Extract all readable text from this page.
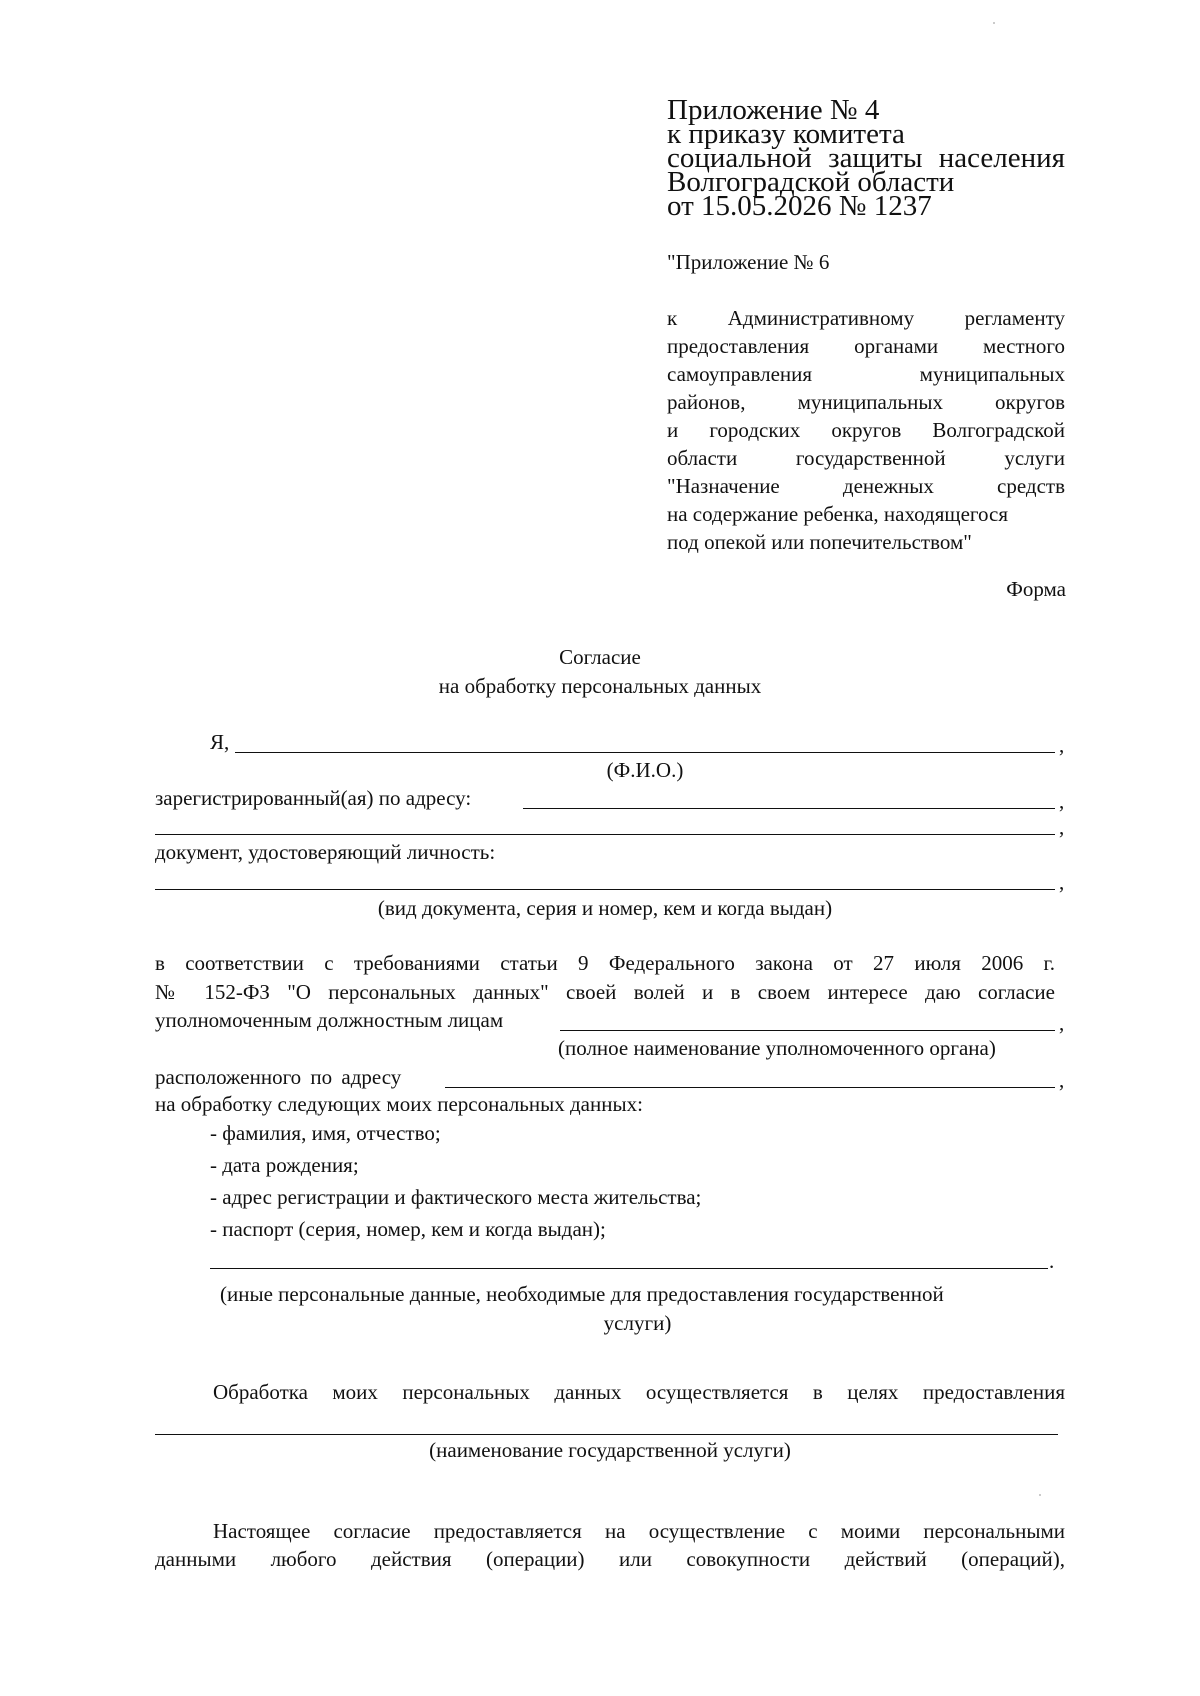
Приложение № 4
к приказу комитета
социальной защиты населения
Волгоградской области
от 15.05.2026 № 1237
"Приложение № 6
к Административному регламенту
предоставления органами местного
самоуправления муниципальных
районов, муниципальных округов
и городских округов Волгоградской
области государственной услуги
"Назначение денежных средств
на содержание ребенка, находящегося
под опекой или попечительством"
Форма
Согласие
на обработку персональных данных
Я,	,
(Ф.И.О.)
зарегистрированный(ая) по адресу:	,
,
документ, удостоверяющий личность:
,
(вид документа, серия и номер, кем и когда выдан)
в соответствии с требованиями статьи 9 Федерального закона от 27 июля 2006 г.
№ 152-ФЗ "О персональных данных" своей волей и в своем интересе даю согласие
уполномоченным должностным лицам	,
(полное наименование уполномоченного органа)
расположенного по адресу	,
на обработку следующих моих персональных данных:
- фамилия, имя, отчество;
- дата рождения;
- адрес регистрации и фактического места жительства;
- паспорт (серия, номер, кем и когда выдан);
.
(иные персональные данные, необходимые для предоставления государственной
услуги)
Обработка моих персональных данных осуществляется в целях предоставления
(наименование государственной услуги)
Настоящее согласие предоставляется на осуществление с моими персональными
данными любого действия (операции) или совокупности действий (операций),
